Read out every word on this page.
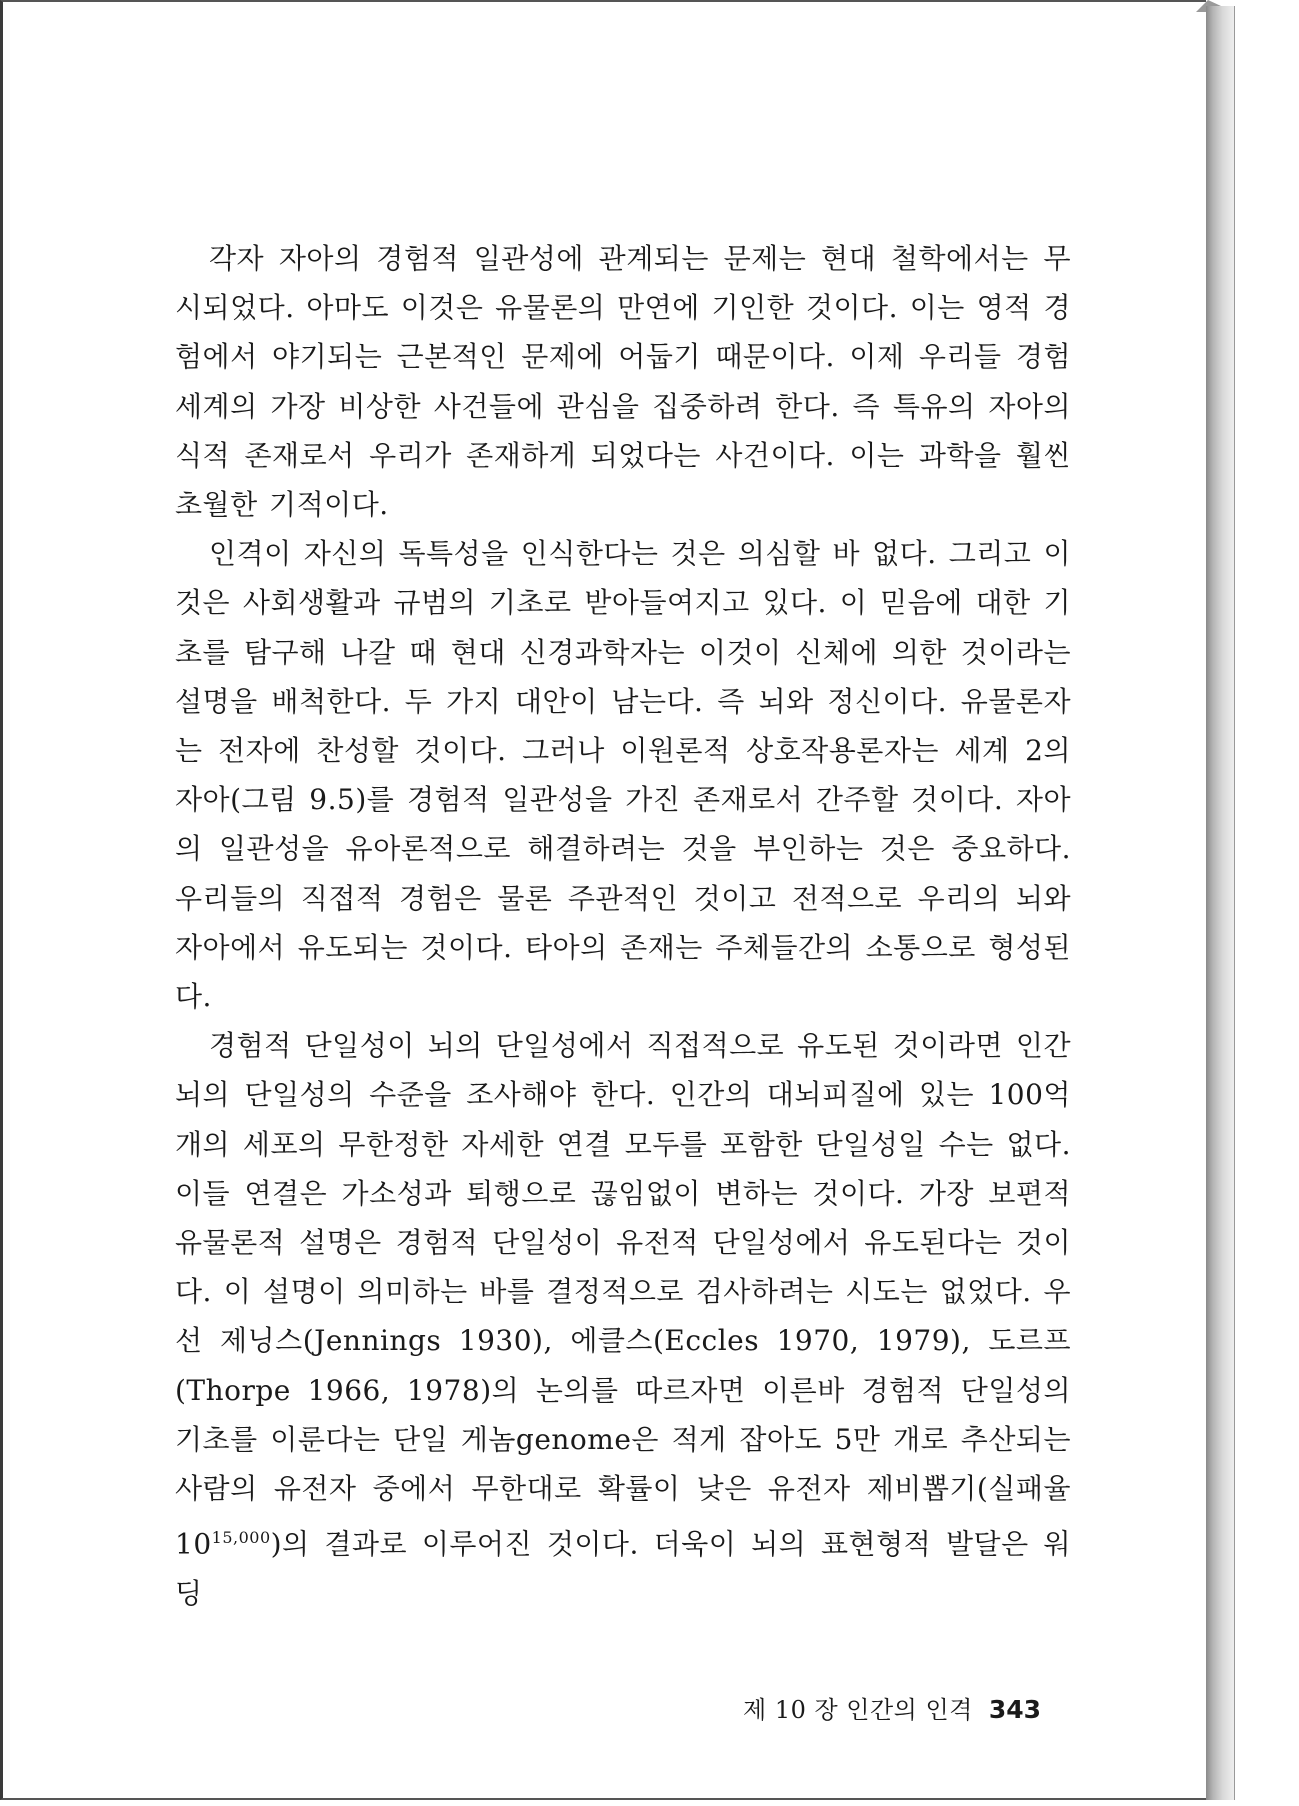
각자 자아의 경험적 일관성에 관계되는 문제는 현대 철학에서는 무시되었다. 아마도 이것은 유물론의 만연에 기인한 것이다. 이는 영적 경험에서 야기되는 근본적인 문제에 어둡기 때문이다. 이제 우리들 경험 세계의 가장 비상한 사건들에 관심을 집중하려 한다. 즉 특유의 자아의식적 존재로서 우리가 존재하게 되었다는 사건이다. 이는 과학을 훨씬 초월한 기적이다.

인격이 자신의 독특성을 인식한다는 것은 의심할 바 없다. 그리고 이것은 사회생활과 규범의 기초로 받아들여지고 있다. 이 믿음에 대한 기초를 탐구해 나갈 때 현대 신경과학자는 이것이 신체에 의한 것이라는 설명을 배척한다. 두 가지 대안이 남는다. 즉 뇌와 정신이다. 유물론자는 전자에 찬성할 것이다. 그러나 이원론적 상호작용론자는 세계 2의 자아(그림 9.5)를 경험적 일관성을 가진 존재로서 간주할 것이다. 자아의 일관성을 유아론적으로 해결하려는 것을 부인하는 것은 중요하다. 우리들의 직접적 경험은 물론 주관적인 것이고 전적으로 우리의 뇌와 자아에서 유도되는 것이다. 타아의 존재는 주체들간의 소통으로 형성된다.

경험적 단일성이 뇌의 단일성에서 직접적으로 유도된 것이라면 인간 뇌의 단일성의 수준을 조사해야 한다. 인간의 대뇌피질에 있는 100억 개의 세포의 무한정한 자세한 연결 모두를 포함한 단일성일 수는 없다. 이들 연결은 가소성과 퇴행으로 끊임없이 변하는 것이다. 가장 보편적 유물론적 설명은 경험적 단일성이 유전적 단일성에서 유도된다는 것이다. 이 설명이 의미하는 바를 결정적으로 검사하려는 시도는 없었다. 우선 제닝스(Jennings 1930), 에클스(Eccles 1970, 1979), 도르프(Thorpe 1966, 1978)의 논의를 따르자면 이른바 경험적 단일성의 기초를 이룬다는 단일 게놈genome은 적게 잡아도 5만 개로 추산되는 사람의 유전자 중에서 무한대로 확률이 낮은 유전자 제비뽑기(실패율 10$^{15,000}$)의 결과로 이루어진 것이다. 더욱이 뇌의 표현형적 발달은 워딩

제 10 장 인간의 인격 343
